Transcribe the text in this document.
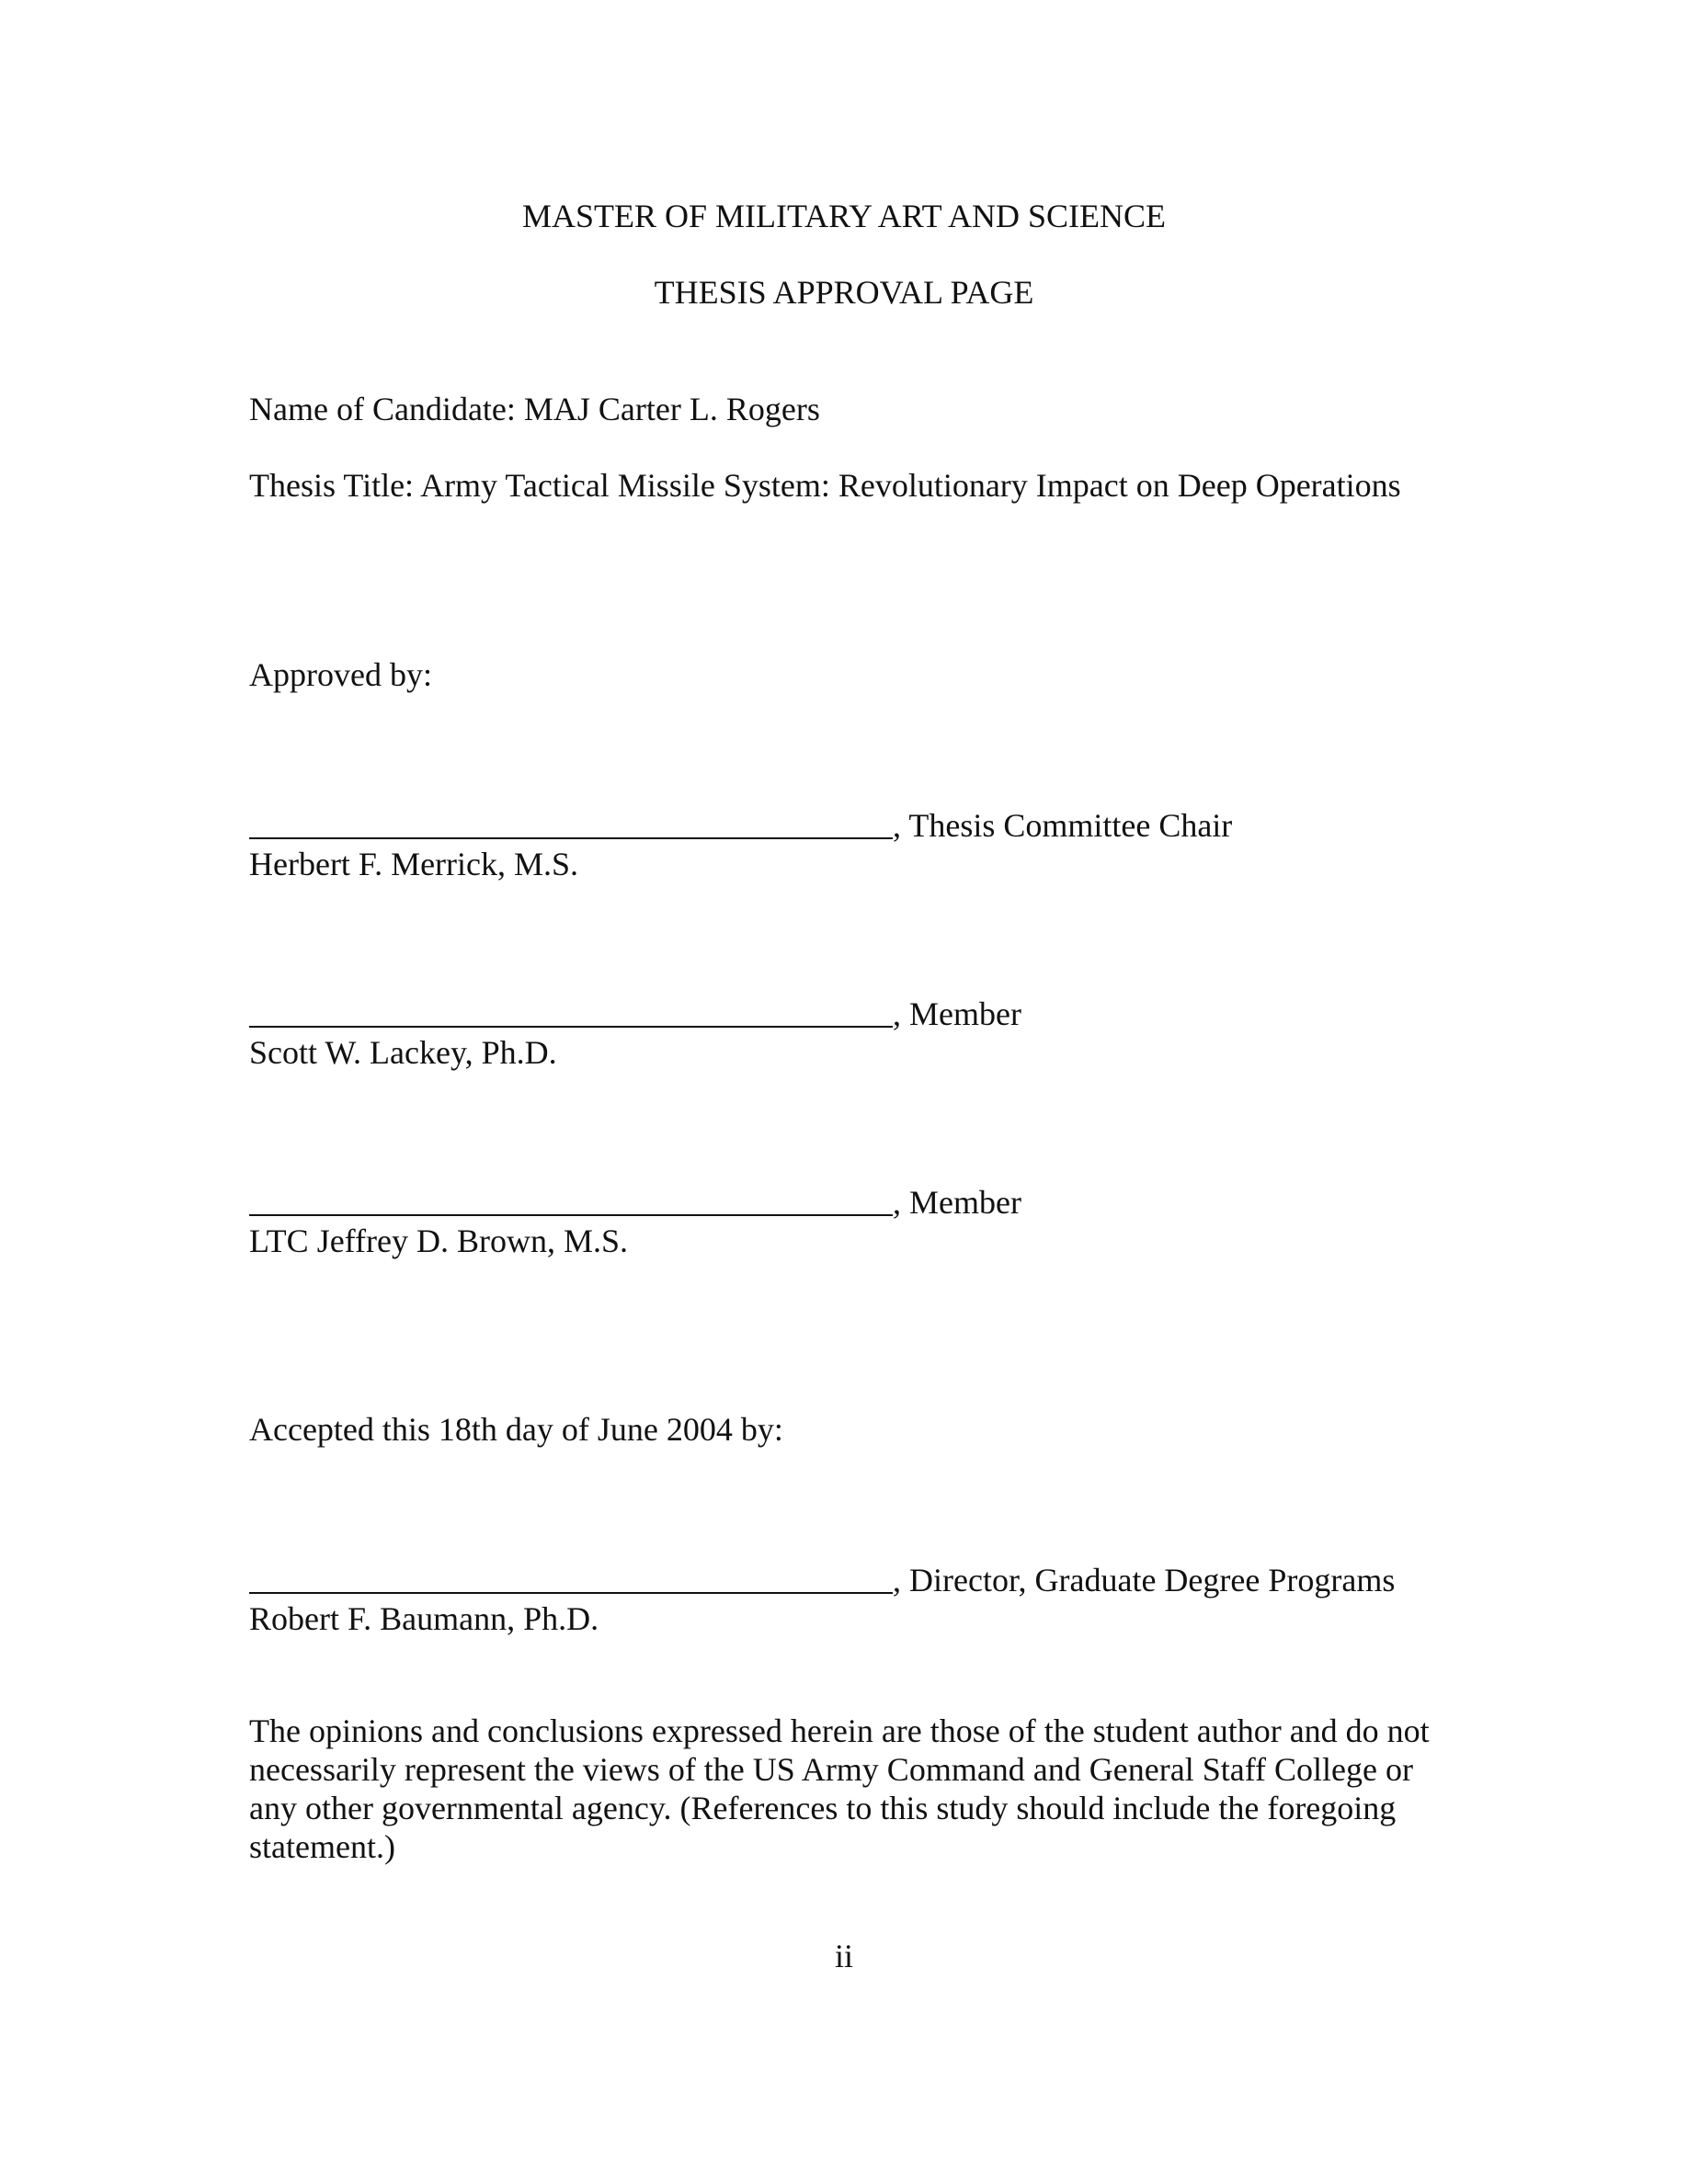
MASTER OF MILITARY ART AND SCIENCE
THESIS APPROVAL PAGE
Name of Candidate: MAJ Carter L. Rogers
Thesis Title: Army Tactical Missile System: Revolutionary Impact on Deep Operations
Approved by:
, Thesis Committee Chair
Herbert F. Merrick, M.S.
, Member
Scott W. Lackey, Ph.D.
, Member
LTC Jeffrey D. Brown, M.S.
Accepted this 18th day of June 2004 by:
, Director, Graduate Degree Programs
Robert F. Baumann, Ph.D.
The opinions and conclusions expressed herein are those of the student author and do not
necessarily represent the views of the US Army Command and General Staff College or
any other governmental agency. (References to this study should include the foregoing
statement.)
ii
